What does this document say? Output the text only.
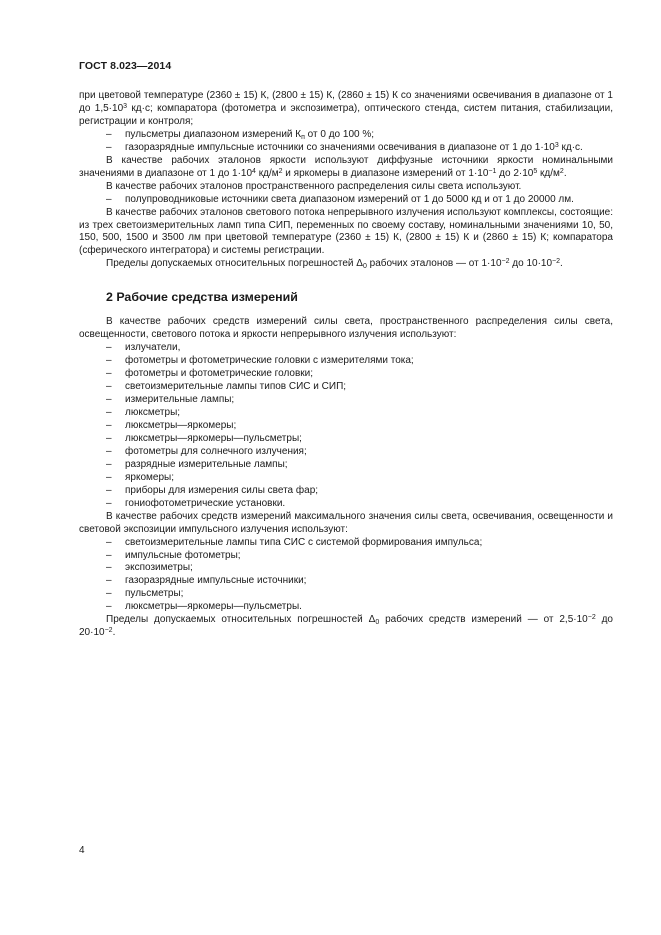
ГОСТ 8.023—2014
при цветовой температуре (2360 ± 15) К, (2800 ± 15) К, (2860 ± 15) К со значениями освечивания в диапазоне от 1 до $1,5\cdot 10^3$ кд·с; компаратора (фотометра и экспозиметра), оптического стенда, систем питания, стабилизации, регистрации и контроля;
– пульсметры диапазоном измерений $К_п$ от 0 до 100 %;
– газоразрядные импульсные источники со значениями освечивания в диапазоне от 1 до $1\cdot 10^3$ кд·с.
В качестве рабочих эталонов яркости используют диффузные источники яркости номинальными значениями в диапазоне от 1 до $1\cdot 10^4$ $кд/м^2$ и яркомеры в диапазоне измерений от $1\cdot 10^{-1}$ до $2\cdot 10^5$ $кд/м^2$.
В качестве рабочих эталонов пространственного распределения силы света используют.
– полупроводниковые источники света диапазоном измерений от 1 до 5000 кд и от 1 до 20000 лм.
В качестве рабочих эталонов светового потока непрерывного излучения используют комплексы, состоящие: из трех светоизмерительных ламп типа СИП, переменных по своему составу, номинальными значениями 10, 50, 150, 500, 1500 и 3500 лм при цветовой температуре (2360 ± 15) К, (2800 ± 15) К и (2860 ± 15) К; компаратора (сферического интегратора) и системы регистрации.
Пределы допускаемых относительных погрешностей $\Delta_0$ рабочих эталонов — от $1\cdot 10^{-2}$ до $10\cdot 10^{-2}$.
2 Рабочие средства измерений
В качестве рабочих средств измерений силы света, пространственного распределения силы света, освещенности, светового потока и яркости непрерывного излучения используют:
– излучатели,
– фотометры и фотометрические головки с измерителями тока;
– фотометры и фотометрические головки;
– светоизмерительные лампы типов СИС и СИП;
– измерительные лампы;
– люксметры;
– люксметры—яркомеры;
– люксметры—яркомеры—пульсметры;
– фотометры для солнечного излучения;
– разрядные измерительные лампы;
– яркомеры;
– приборы для измерения силы света фар;
– гониофотометрические установки.
В качестве рабочих средств измерений максимального значения силы света, освечивания, освещенности и световой экспозиции импульсного излучения используют:
– светоизмерительные лампы типа СИС с системой формирования импульса;
– импульсные фотометры;
– экспозиметры;
– газоразрядные импульсные источники;
– пульсметры;
– люксметры—яркомеры—пульсметры.
Пределы допускаемых относительных погрешностей $\Delta_0$ рабочих средств измерений — от $2,5\cdot 10^{-2}$ до $20\cdot 10^{-2}$.
4
